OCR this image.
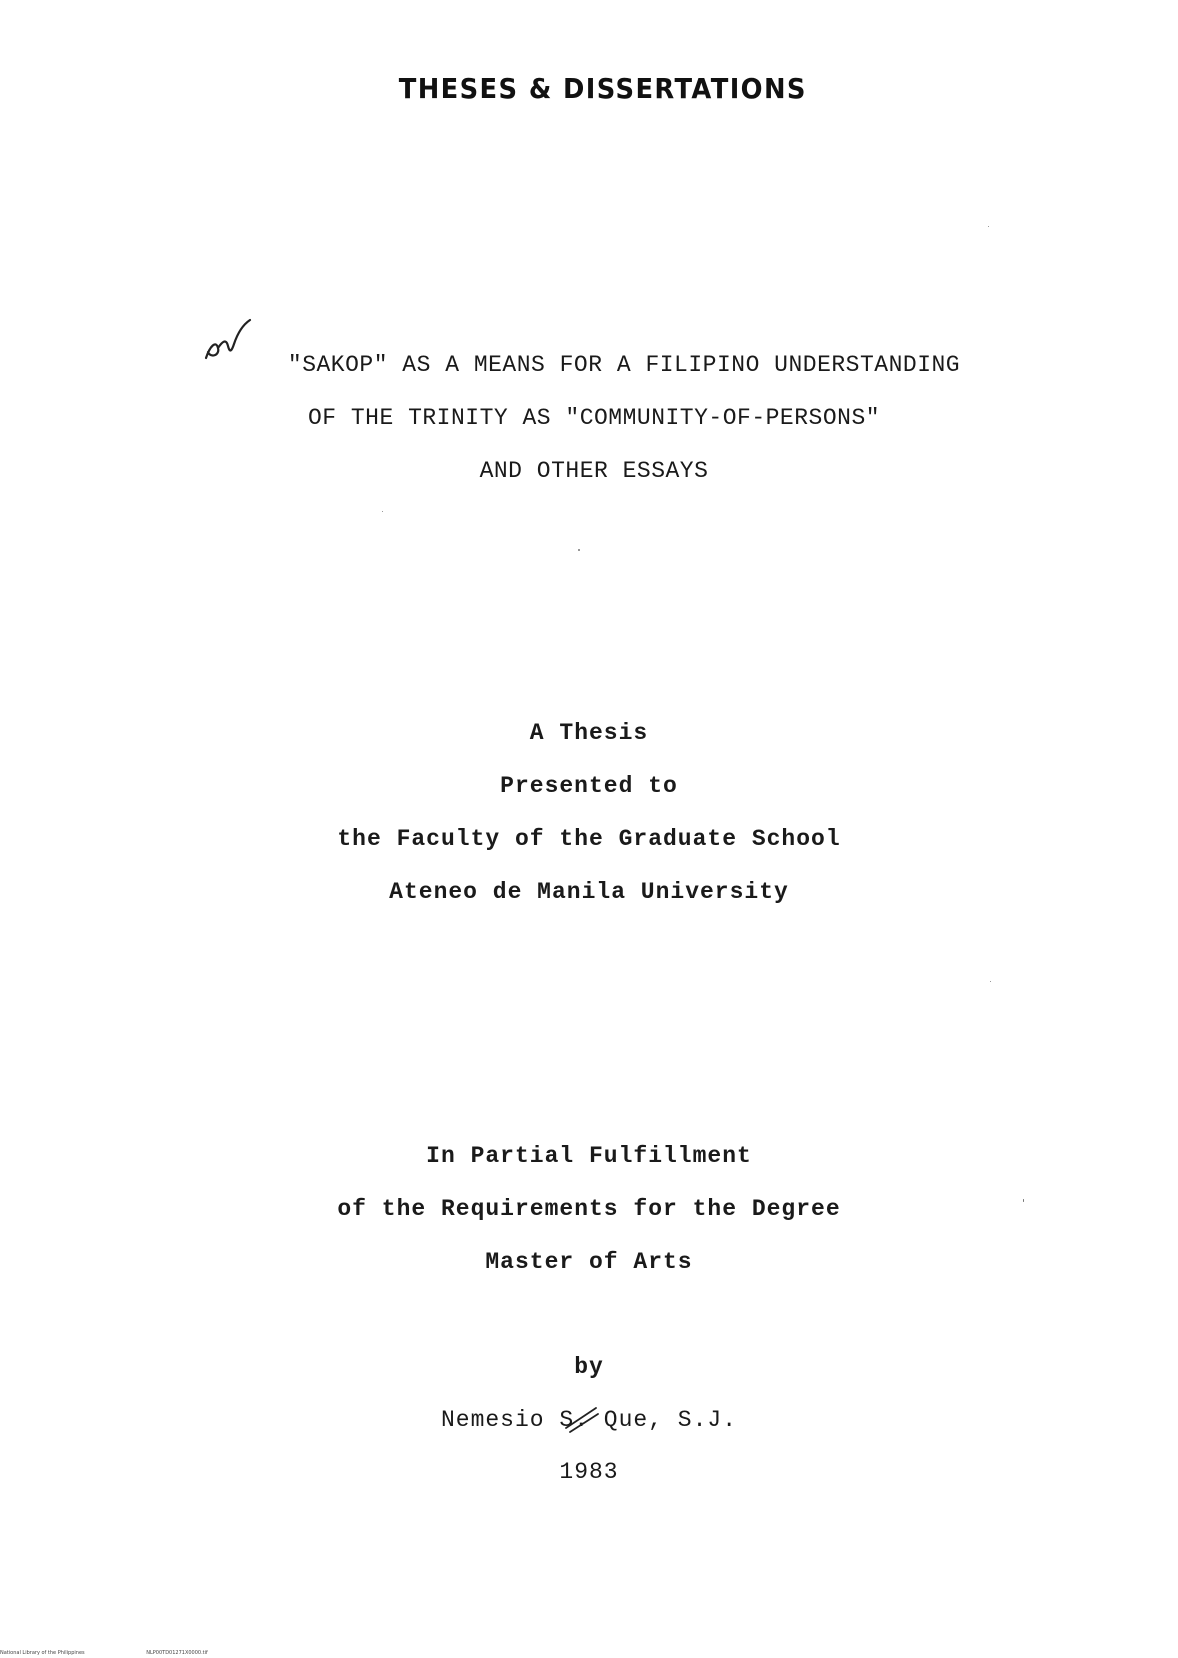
THESES & DISSERTATIONS
"SAKOP" AS A MEANS FOR A FILIPINO UNDERSTANDING
OF THE TRINITY AS "COMMUNITY-OF-PERSONS"
AND OTHER ESSAYS
A Thesis
Presented to
the Faculty of the Graduate School
Ateneo de Manila University
In Partial Fulfillment
of the Requirements for the Degree
Master of Arts
by
Nemesio S. Que, S.J.
1983
National Library of the Philippines	NLP00TD01271X0000.tif
